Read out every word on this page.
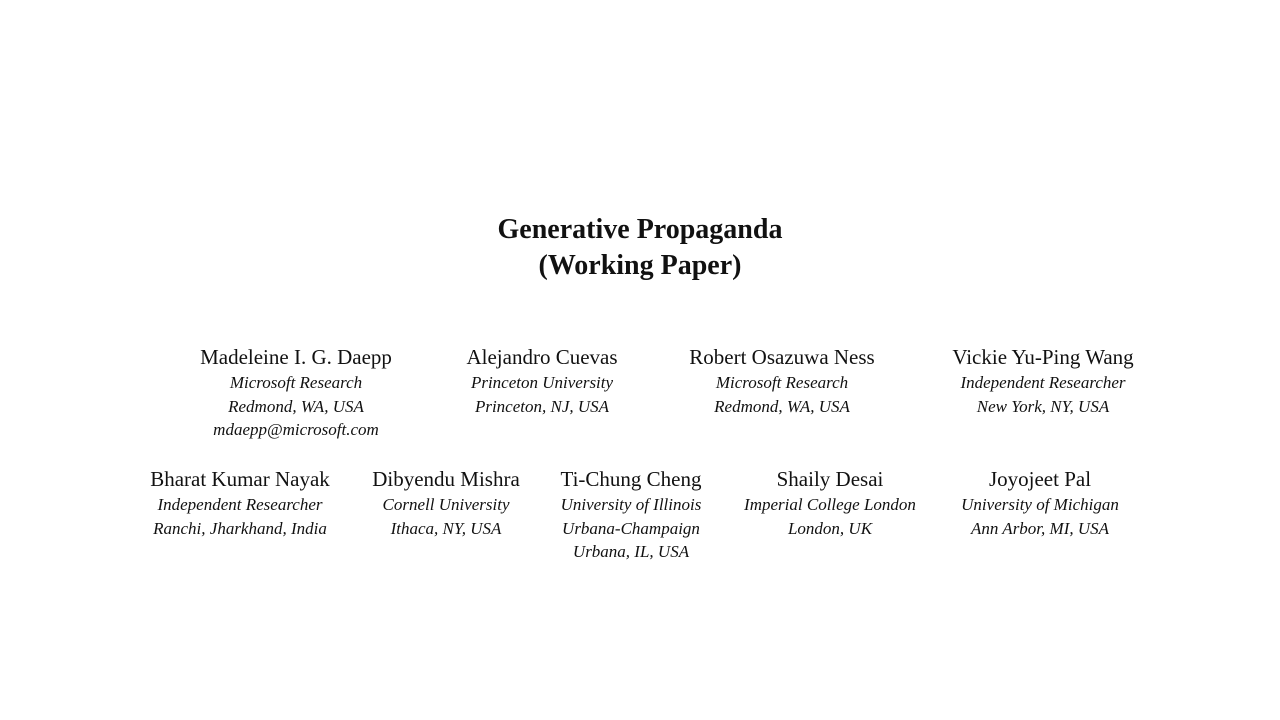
Generative Propaganda

(Working Paper)

Madeleine I. G. Daepp
Microsoft Research
Redmond, WA, USA
mdaepp@microsoft.com
Alejandro Cuevas
Princeton University
Princeton, NJ, USA
Robert Osazuwa Ness
Microsoft Research
Redmond, WA, USA
Vickie Yu-Ping Wang
Independent Researcher
New York, NY, USA
Bharat Kumar Nayak
Independent Researcher
Ranchi, Jharkhand, India
Dibyendu Mishra
Cornell University
Ithaca, NY, USA
Ti-Chung Cheng
University of Illinois
Urbana-Champaign
Urbana, IL, USA
Shaily Desai
Imperial College London
London, UK
Joyojeet Pal
University of Michigan
Ann Arbor, MI, USA
